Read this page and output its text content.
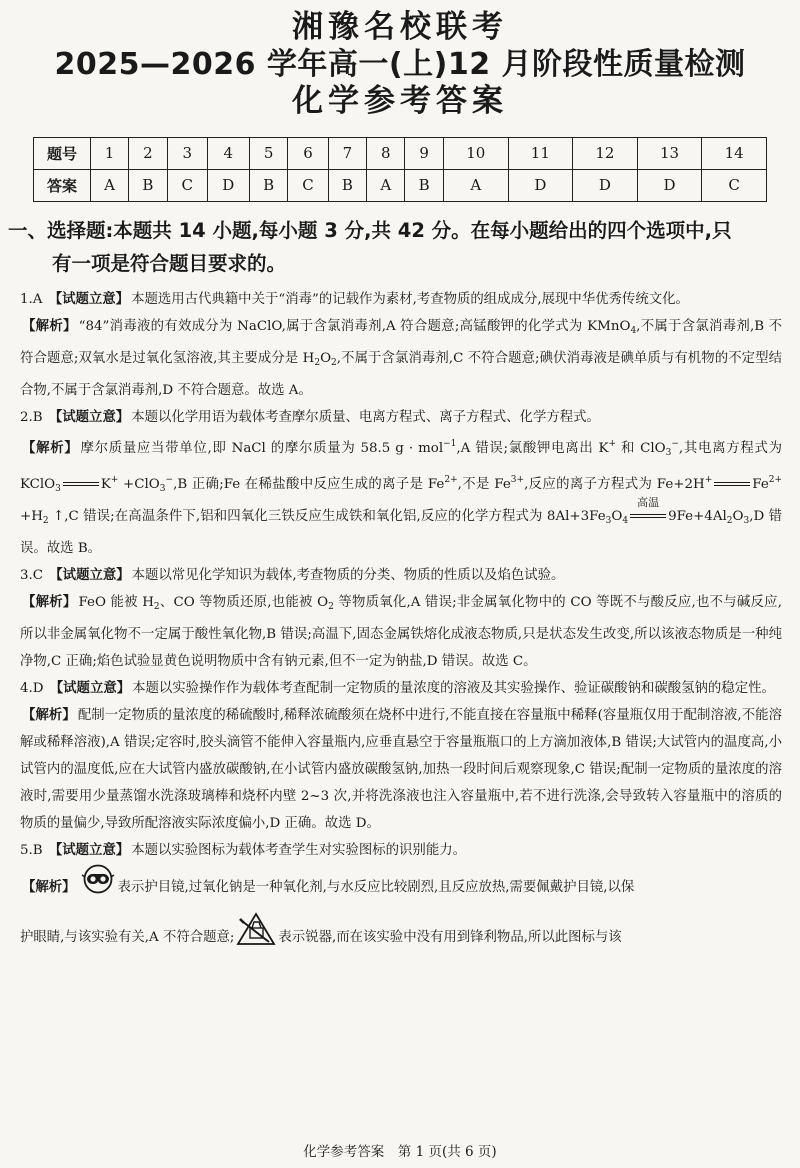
湘豫名校联考
2025—2026 学年高一(上)12 月阶段性质量检测
化学参考答案
题号	1	2	3	4	5	6	7	8	9	10	11	12	13	14
答案	A	B	C	D	B	C	B	A	B	A	D	D	D	C
一、选择题:本题共 14 小题,每小题 3 分,共 42 分。在每小题给出的四个选项中,只
有一项是符合题目要求的。

1.A 【试题立意】 本题选用古代典籍中关于“消毒”的记载作为素材,考查物质的组成成分,展现中华优秀传统文化。

【解析】 “84”消毒液的有效成分为 NaClO,属于含氯消毒剂,A 符合题意;高锰酸钾的化学式为 KMnO$_4$,不属于含氯消毒剂,B 不符合题意;双氧水是过氧化氢溶液,其主要成分是 $H_2O_2$,不属于含氯消毒剂,C 不符合题意;碘伏消毒液是碘单质与有机物的不定型结合物,不属于含氯消毒剂,D 不符合题意。故选 A。

2.B 【试题立意】 本题以化学用语为载体考查摩尔质量、电离方程式、离子方程式、化学方程式。

【解析】 摩尔质量应当带单位,即 NaCl 的摩尔质量为 58.5 g · mol$^{-1}$,A 错误;氯酸钾电离出 K+ 和 ClO$_3$−,其电离方程式为 KClO$_3$	K+ +ClO$_3$−,B 正确;Fe 在稀盐酸中反应生成的离子是 $Fe^{2+}$,不是 $Fe^{3+}$,反应的离子方程式为 Fe+2H+	$Fe^{2+} +H_2$ ↑,C 错误;在高温条件下,铝和四氧化三铁反应生成铁和氧化铝,反应的化学方程式为 $8Al+3Fe_3O_4$
高温
$9Fe+4Al_2O_3,D$ 错误。故选 B。

3.C 【试题立意】 本题以常见化学知识为载体,考查物质的分类、物质的性质以及焰色试验。

【解析】 FeO 能被 $H_2$、CO 等物质还原,也能被 $O_2$ 等物质氧化,A 错误;非金属氧化物中的 CO 等既不与酸反应,也不与碱反应,所以非金属氧化物不一定属于酸性氧化物,B 错误;高温下,固态金属铁熔化成液态物质,只是状态发生改变,所以该液态物质是一种纯净物,C 正确;焰色试验显黄色说明物质中含有钠元素,但不一定为钠盐,D 错误。故选 C。

4.D 【试题立意】 本题以实验操作作为载体考查配制一定物质的量浓度的溶液及其实验操作、验证碳酸钠和碳酸氢钠的稳定性。

【解析】 配制一定物质的量浓度的稀硫酸时,稀释浓硫酸须在烧杯中进行,不能直接在容量瓶中稀释(容量瓶仅用于配制溶液,不能溶解或稀释溶液),A 错误;定容时,胶头滴管不能伸入容量瓶内,应垂直悬空于容量瓶瓶口的上方滴加液体,B 错误;大试管内的温度高,小试管内的温度低,应在大试管内盛放碳酸钠,在小试管内盛放碳酸氢钠,加热一段时间后观察现象,C 错误;配制一定物质的量浓度的溶液时,需要用少量蒸馏水洗涤玻璃棒和烧杯内壁 2~3 次,并将洗涤液也注入容量瓶中,若不进行洗涤,会导致转入容量瓶中的溶质的物质的量偏少,导致所配溶液实际浓度偏小,D 正确。故选 D。

5.B 【试题立意】 本题以实验图标为载体考查学生对实验图标的识别能力。

【解析】	表示护目镜,过氧化钠是一种氧化剂,与水反应比较剧烈,且反应放热,需要佩戴护目镜,以保
护眼睛,与该实验有关,A 不符合题意;	表示锐器,而在该实验中没有用到锋利物品,所以此图标与该

化学参考答案　第 1 页(共 6 页)
